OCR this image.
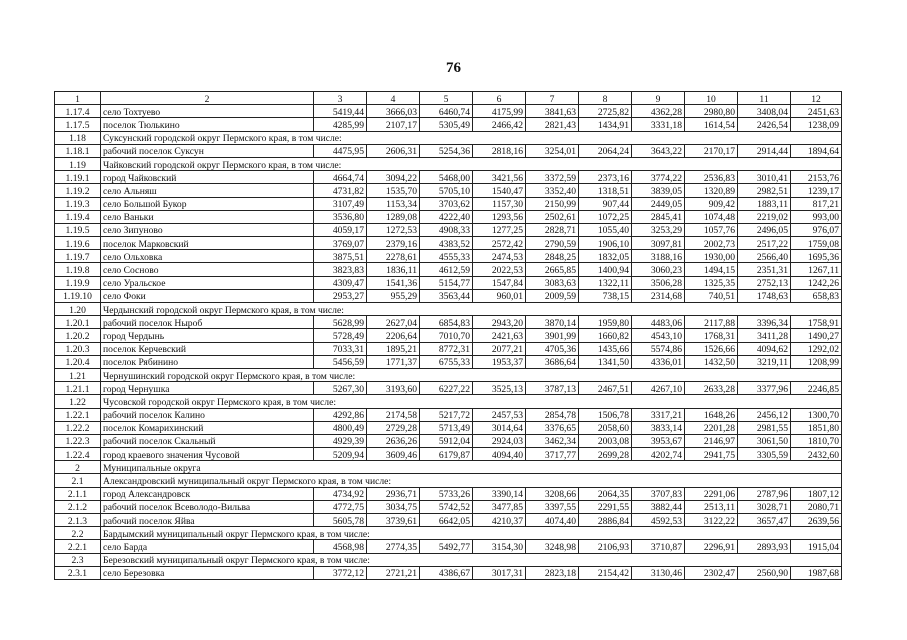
76
1	2	3	4	5	6	7	8	9	10	11	12
1.17.4	село Тохтуево	5419,44	3666,03	6460,74	4175,99	3841,63	2725,82	4362,28	2980,80	3408,04	2451,63
1.17.5	поселок Тюлькино	4285,99	2107,17	5305,49	2466,42	2821,43	1434,91	3331,18	1614,54	2426,54	1238,09
1.18	Суксунский городской округ Пермского края, в том числе:										
1.18.1	рабочий поселок Суксун	4475,95	2606,31	5254,36	2818,16	3254,01	2064,24	3643,22	2170,17	2914,44	1894,64
1.19	Чайковский городской округ Пермского края, в том числе:										
1.19.1	город Чайковский	4664,74	3094,22	5468,00	3421,56	3372,59	2373,16	3774,22	2536,83	3010,41	2153,76
1.19.2	село Альняш	4731,82	1535,70	5705,10	1540,47	3352,40	1318,51	3839,05	1320,89	2982,51	1239,17
1.19.3	село Большой Букор	3107,49	1153,34	3703,62	1157,30	2150,99	907,44	2449,05	909,42	1883,11	817,21
1.19.4	село Ваньки	3536,80	1289,08	4222,40	1293,56	2502,61	1072,25	2845,41	1074,48	2219,02	993,00
1.19.5	село Зипуново	4059,17	1272,53	4908,33	1277,25	2828,71	1055,40	3253,29	1057,76	2496,05	976,07
1.19.6	поселок Марковский	3769,07	2379,16	4383,52	2572,42	2790,59	1906,10	3097,81	2002,73	2517,22	1759,08
1.19.7	село Ольховка	3875,51	2278,61	4555,33	2474,53	2848,25	1832,05	3188,16	1930,00	2566,40	1695,36
1.19.8	село Сосново	3823,83	1836,11	4612,59	2022,53	2665,85	1400,94	3060,23	1494,15	2351,31	1267,11
1.19.9	село Уральское	4309,47	1541,36	5154,77	1547,84	3083,63	1322,11	3506,28	1325,35	2752,13	1242,26
1.19.10	село Фоки	2953,27	955,29	3563,44	960,01	2009,59	738,15	2314,68	740,51	1748,63	658,83
1.20	Чердынский городской округ Пермского края, в том числе:										
1.20.1	рабочий поселок Ныроб	5628,99	2627,04	6854,83	2943,20	3870,14	1959,80	4483,06	2117,88	3396,34	1758,91
1.20.2	город Чердынь	5728,49	2206,64	7010,70	2421,63	3901,99	1660,82	4543,10	1768,31	3411,28	1490,27
1.20.3	поселок Керчевский	7033,31	1895,21	8772,31	2077,21	4705,36	1435,66	5574,86	1526,66	4094,62	1292,02
1.20.4	поселок Рябинино	5456,59	1771,37	6755,33	1953,37	3686,64	1341,50	4336,01	1432,50	3219,11	1208,99
1.21	Чернушинский городской округ Пермского края, в том числе:										
1.21.1	город Чернушка	5267,30	3193,60	6227,22	3525,13	3787,13	2467,51	4267,10	2633,28	3377,96	2246,85
1.22	Чусовской городской округ Пермского края, в том числе:										
1.22.1	рабочий поселок Калино	4292,86	2174,58	5217,72	2457,53	2854,78	1506,78	3317,21	1648,26	2456,12	1300,70
1.22.2	поселок Комарихинский	4800,49	2729,28	5713,49	3014,64	3376,65	2058,60	3833,14	2201,28	2981,55	1851,80
1.22.3	рабочий поселок Скальный	4929,39	2636,26	5912,04	2924,03	3462,34	2003,08	3953,67	2146,97	3061,50	1810,70
1.22.4	город краевого значения Чусовой	5209,94	3609,46	6179,87	4094,40	3717,77	2699,28	4202,74	2941,75	3305,59	2432,60
2	Муниципальные округа										
2.1	Александровский муниципальный округ Пермского края, в том числе:										
2.1.1	город Александровск	4734,92	2936,71	5733,26	3390,14	3208,66	2064,35	3707,83	2291,06	2787,96	1807,12
2.1.2	рабочий поселок Всеволодо-Вильва	4772,75	3034,75	5742,52	3477,85	3397,55	2291,55	3882,44	2513,11	3028,71	2080,71
2.1.3	рабочий поселок Яйва	5605,78	3739,61	6642,05	4210,37	4074,40	2886,84	4592,53	3122,22	3657,47	2639,56
2.2	Бардымский муниципальный округ Пермского края, в том числе:										
2.2.1	село Барда	4568,98	2774,35	5492,77	3154,30	3248,98	2106,93	3710,87	2296,91	2893,93	1915,04
2.3	Березовский муниципальный округ Пермского края, в том числе:										
2.3.1	село Березовка	3772,12	2721,21	4386,67	3017,31	2823,18	2154,42	3130,46	2302,47	2560,90	1987,68
